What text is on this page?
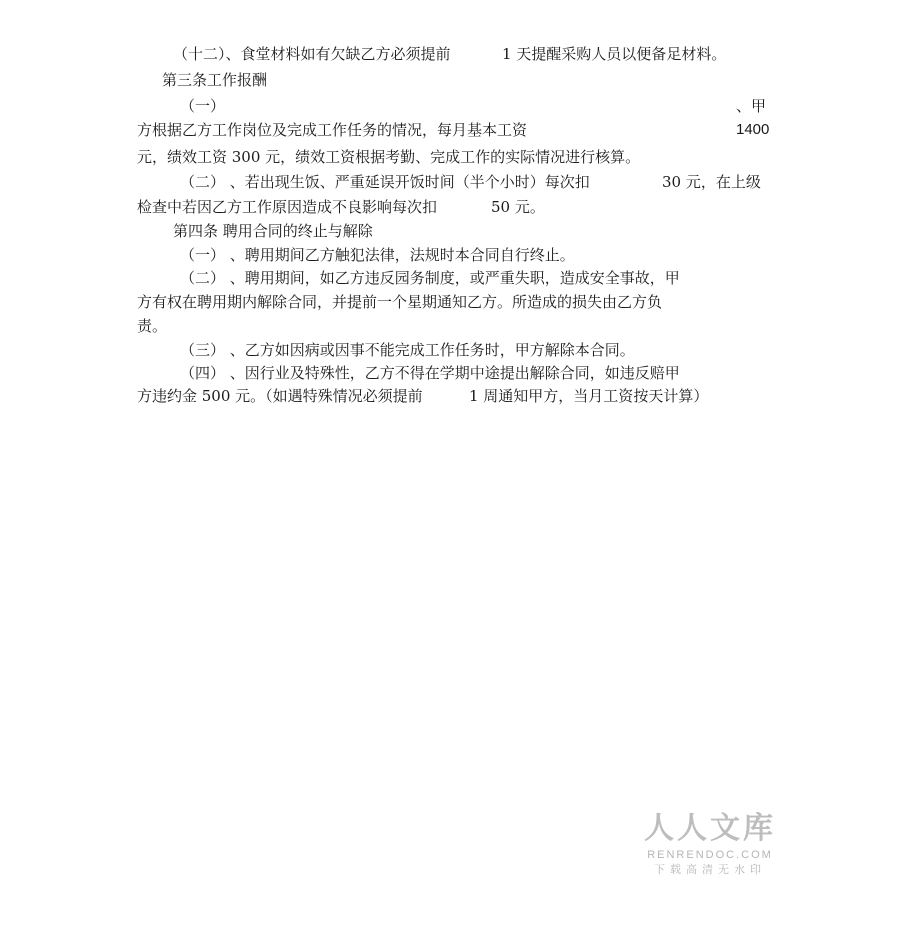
（十二）、食堂材料如有欠缺乙方必须提前	1 天提醒采购人员以便备足材料。
第三条工作报酬
（一）	、甲
方根据乙方工作岗位及完成工作任务的情况，每月基本工资	1400
元，绩效工资 300 元，绩效工资根据考勤、完成工作的实际情况进行核算。
（二） 、若出现生饭、严重延误开饭时间（半个小时）每次扣	30 元，在上级
检查中若因乙方工作原因造成不良影响每次扣	50 元。
第四条 聘用合同的终止与解除
（一） 、聘用期间乙方触犯法律，法规时本合同自行终止。
（二） 、聘用期间，如乙方违反园务制度，或严重失职，造成安全事故，甲
方有权在聘用期内解除合同，并提前一个星期通知乙方。所造成的损失由乙方负
责。
（三） 、乙方如因病或因事不能完成工作任务时，甲方解除本合同。
（四） 、因行业及特殊性，乙方不得在学期中途提出解除合同，如违反赔甲
方违约金 500 元。（如遇特殊情况必须提前	1 周通知甲方，当月工资按天计算）
人人文库
RENRENDOC.COM
下载高清无水印
